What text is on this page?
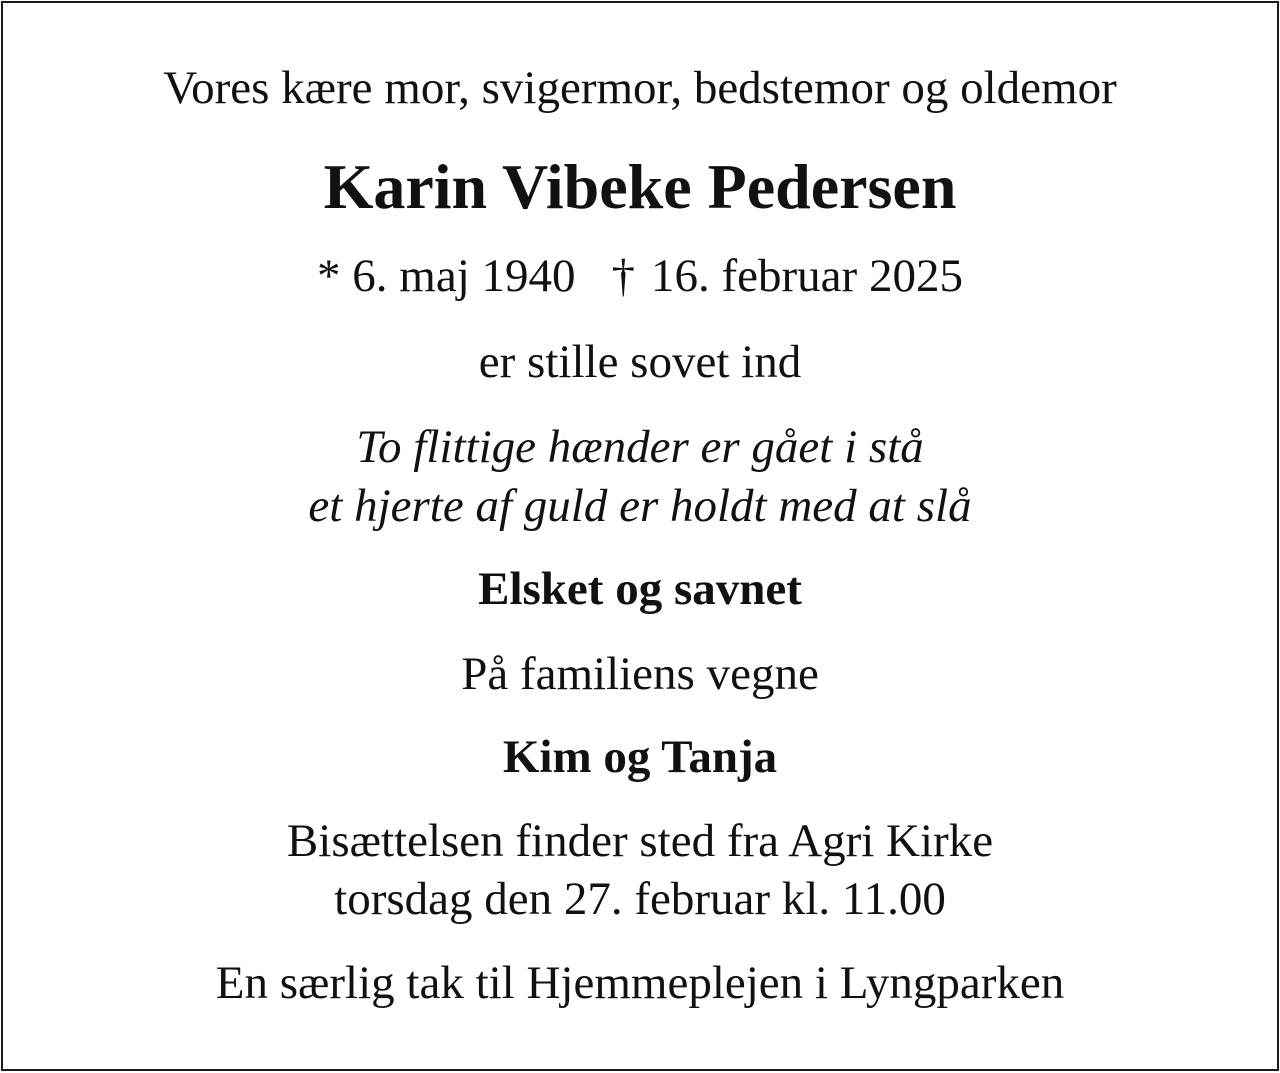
Vores kære mor, svigermor, bedstemor og oldemor
Karin Vibeke Pedersen
* 6. maj 1940 † 16. februar 2025
er stille sovet ind
To flittige hænder er gået i stå
et hjerte af guld er holdt med at slå
Elsket og savnet
På familiens vegne
Kim og Tanja
Bisættelsen finder sted fra Agri Kirke
torsdag den 27. februar kl. 11.00
En særlig tak til Hjemmeplejen i Lyngparken
